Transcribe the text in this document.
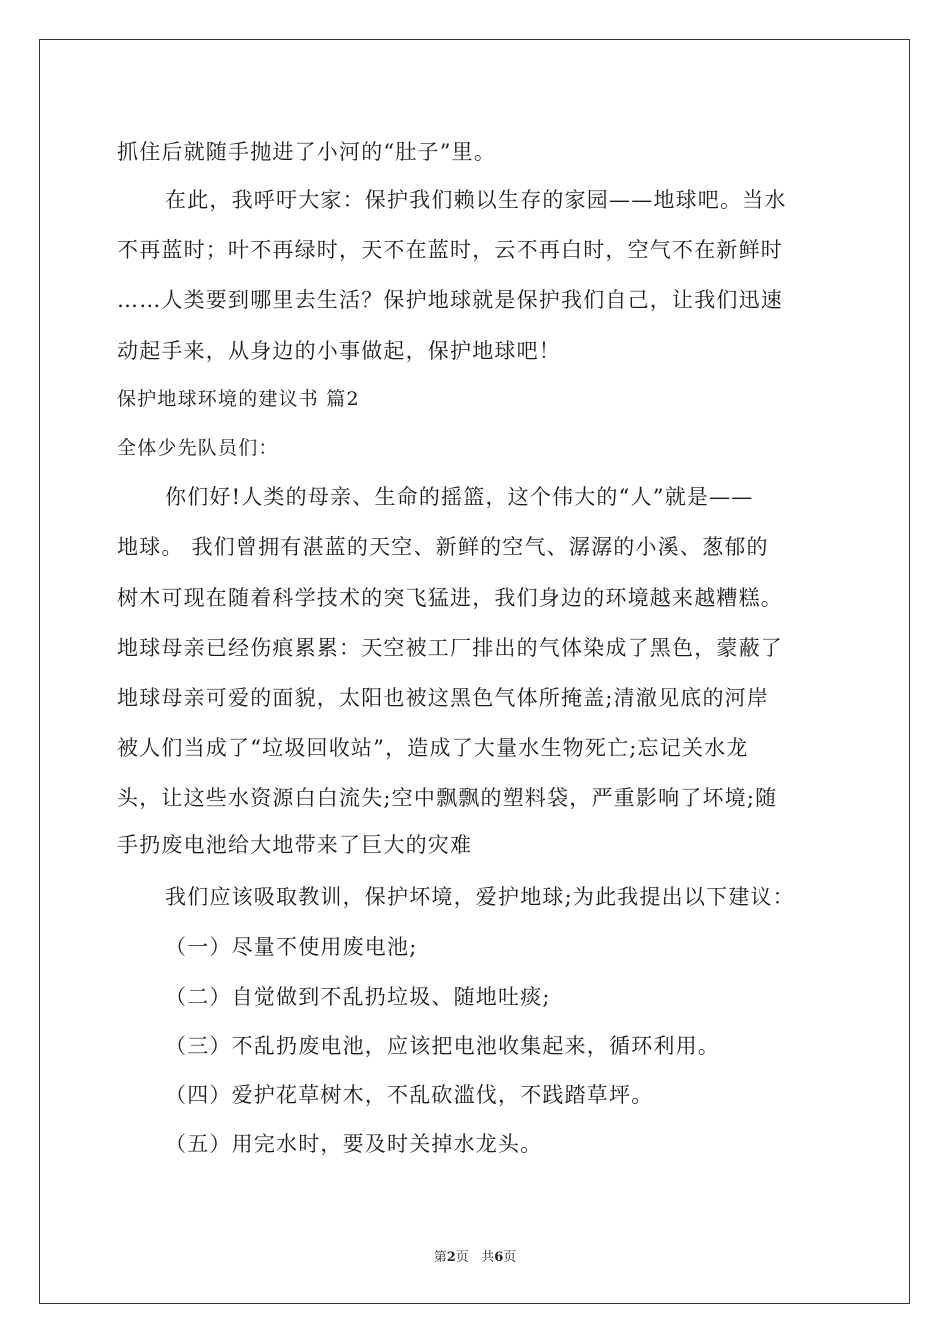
抓住后就随手抛进了小河的“肚子”里。
在此，我呼吁大家：保护我们赖以生存的家园——地球吧。当水
不再蓝时；叶不再绿时，天不在蓝时，云不再白时，空气不在新鲜时
……人类要到哪里去生活？保护地球就是保护我们自己，让我们迅速
动起手来，从身边的小事做起，保护地球吧！
保护地球环境的建议书 篇2
全体少先队员们：
你们好!人类的母亲、生命的摇篮，这个伟大的“人”就是——
地球。 我们曾拥有湛蓝的天空、新鲜的空气、潺潺的小溪、葱郁的
树木可现在随着科学技术的突飞猛进，我们身边的环境越来越糟糕。
地球母亲已经伤痕累累：天空被工厂排出的气体染成了黑色，蒙蔽了
地球母亲可爱的面貌，太阳也被这黑色气体所掩盖;清澈见底的河岸
被人们当成了“垃圾回收站”，造成了大量水生物死亡;忘记关水龙
头，让这些水资源白白流失;空中飘飘的塑料袋，严重影响了坏境;随
手扔废电池给大地带来了巨大的灾难
我们应该吸取教训，保护坏境，爱护地球;为此我提出以下建议：
（一）尽量不使用废电池;
（二）自觉做到不乱扔垃圾、随地吐痰;
（三）不乱扔废电池，应该把电池收集起来，循环利用。
（四）爱护花草树木，不乱砍滥伐，不践踏草坪。
（五）用完水时，要及时关掉水龙头。
第2页   共6页
